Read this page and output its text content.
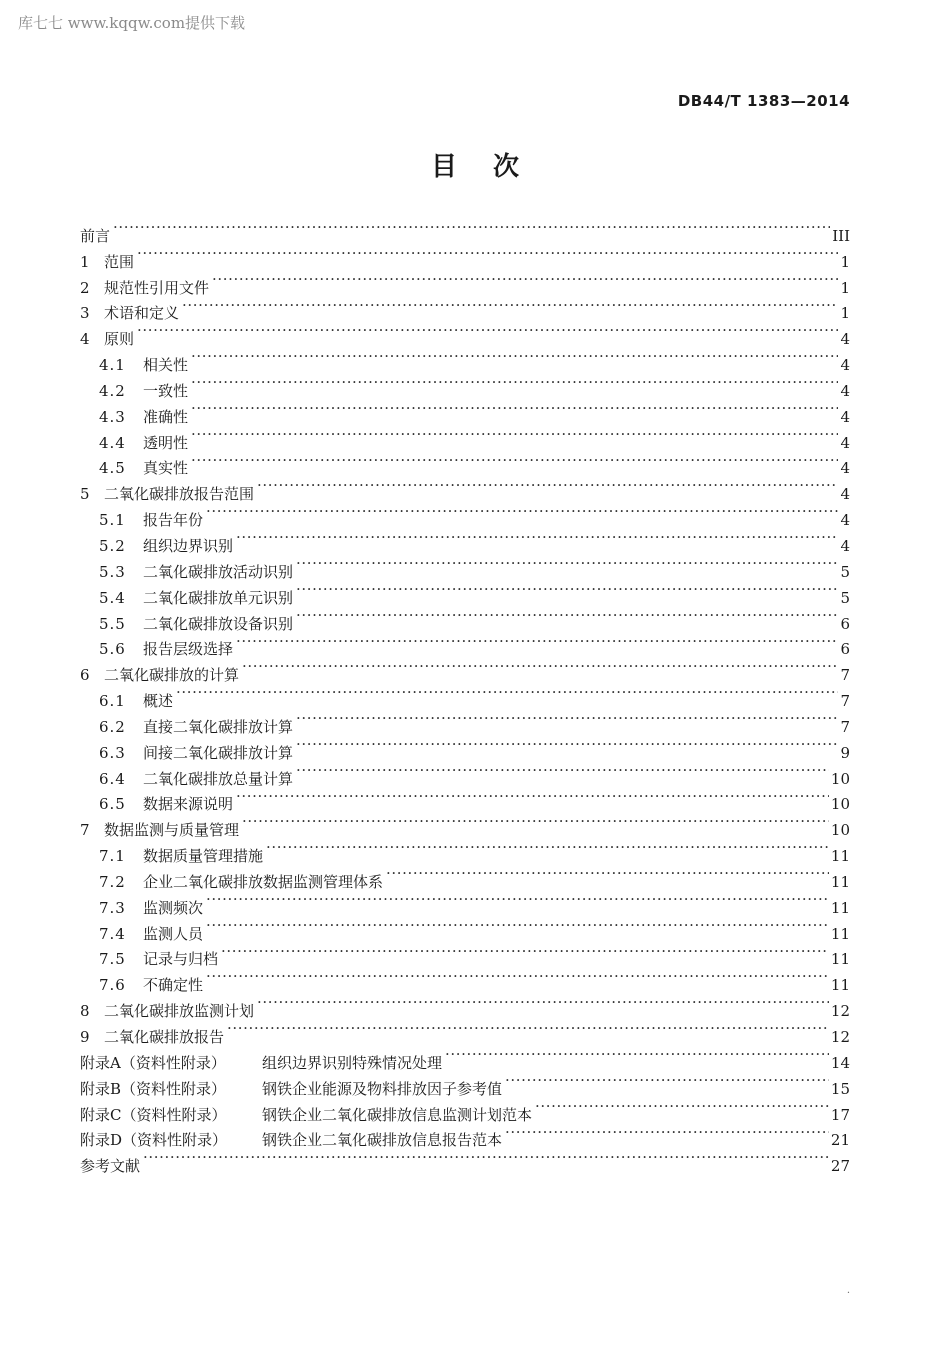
库七七 www.kqqw.com提供下载
DB44/T 1383—2014
目次
前言 ·····	III
1 范围 ·····	1
2 规范性引用文件 ·····	1
3 术语和定义 ·····	1
4 原则 ·····	4
4.1	相关性 ·····	4
4.2	一致性 ·····	4
4.3	准确性 ·····	4
4.4	透明性 ·····	4
4.5	真实性 ·····	4
5 二氧化碳排放报告范围 ·····	4
5.1	报告年份 ·····	4
5.2	组织边界识别 ·····	4
5.3	二氧化碳排放活动识别 ·····	5
5.4	二氧化碳排放单元识别 ·····	5
5.5	二氧化碳排放设备识别 ·····	6
5.6	报告层级选择 ·····	6
6 二氧化碳排放的计算 ·····	7
6.1	概述 ·····	7
6.2	直接二氧化碳排放计算 ·····	7
6.3	间接二氧化碳排放计算 ·····	9
6.4	二氧化碳排放总量计算 ·····	10
6.5	数据来源说明 ·····	10
7 数据监测与质量管理 ·····	10
7.1	数据质量管理措施 ·····	11
7.2	企业二氧化碳排放数据监测管理体系 ·····	11
7.3	监测频次 ·····	11
7.4	监测人员 ·····	11
7.5	记录与归档 ·····	11
7.6	不确定性 ·····	11
8 二氧化碳排放监测计划 ·····	12
9 二氧化碳排放报告 ·····	12
附录A（资料性附录）	组织边界识别特殊情况处理 ·····	14
附录B（资料性附录）	钢铁企业能源及物料排放因子参考值 ·····	15
附录C（资料性附录）	钢铁企业二氧化碳排放信息监测计划范本 ·····	17
附录D（资料性附录）	钢铁企业二氧化碳排放信息报告范本 ·····	21
参考文献 ·····	27
.
